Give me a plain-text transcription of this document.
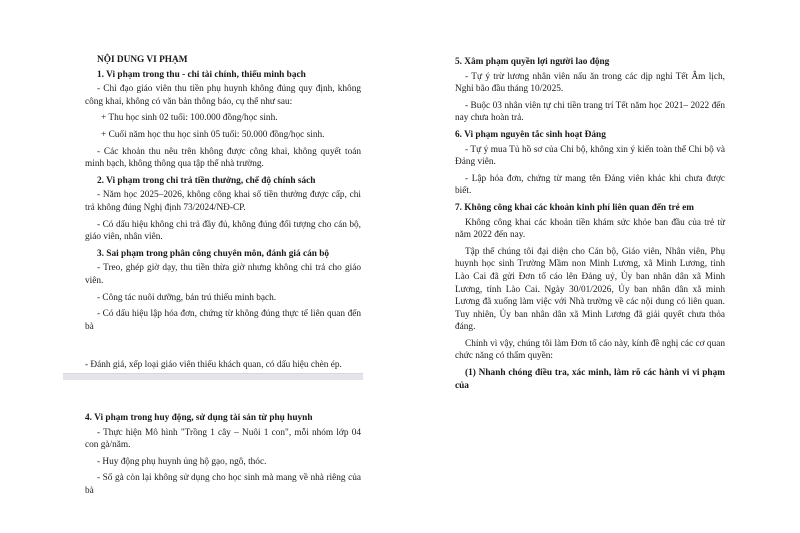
NỘI DUNG VI PHẠM
1. Vi phạm trong thu - chi tài chính, thiếu minh bạch
- Chỉ đạo giáo viên thu tiền phụ huynh không đúng quy định, không công khai, không có văn bản thông báo, cụ thể như sau:
+ Thu học sinh 02 tuổi: 100.000 đồng/học sinh.
+ Cuối năm học thu học sinh 05 tuổi: 50.000 đồng/học sinh.
- Các khoản thu nêu trên không được công khai, không quyết toán minh bạch, không thông qua tập thể nhà trường.
2. Vi phạm trong chi trả tiền thưởng, chế độ chính sách
- Năm học 2025–2026, không công khai số tiền thưởng được cấp, chi trả không đúng Nghị định 73/2024/NĐ-CP.
- Có dấu hiệu không chi trả đầy đủ, không đúng đối tượng cho cán bộ, giáo viên, nhân viên.
3. Sai phạm trong phân công chuyên môn, đánh giá cán bộ
- Treo, ghép giờ dạy, thu tiền thừa giờ nhưng không chi trả cho giáo viên.
- Công tác nuôi dưỡng, bán trú thiếu minh bạch.
- Có dấu hiệu lập hóa đơn, chứng từ không đúng thực tế liên quan đến bà
- Đánh giá, xếp loại giáo viên thiếu khách quan, có dấu hiệu chèn ép.
4. Vi phạm trong huy động, sử dụng tài sản từ phụ huynh
- Thực hiện Mô hình "Trồng 1 cây – Nuôi 1 con", mỗi nhóm lớp 04 con gà/năm.
- Huy động phụ huynh ủng hộ gạo, ngô, thóc.
- Số gà còn lại không sử dụng cho học sinh mà mang về nhà riêng của bà
5. Xâm phạm quyền lợi người lao động
- Tự ý trừ lương nhân viên nấu ăn trong các dịp nghỉ Tết Âm lịch, Nghỉ bão đầu tháng 10/2025.
- Buộc 03 nhân viên tự chi tiền trang trí Tết năm học 2021– 2022 đến nay chưa hoàn trả.
6. Vi phạm nguyên tắc sinh hoạt Đảng
- Tự ý mua Tủ hồ sơ của Chi bộ, không xin ý kiến toàn thể Chi bộ và Đảng viên.
- Lập hóa đơn, chứng từ mang tên Đảng viên khác khi chưa được biết.
7. Không công khai các khoản kinh phí liên quan đến trẻ em
Không công khai các khoản tiền khám sức khỏe ban đầu của trẻ từ năm 2022 đến nay.
Tập thể chúng tôi đại diện cho Cán bộ, Giáo viên, Nhân viên, Phụ huynh học sinh Trường Mầm non Minh Lương, xã Minh Lương, tỉnh Lào Cai đã gửi Đơn tố cáo lên Đảng uỷ, Ủy ban nhân dân xã Minh Lương, tỉnh Lào Cai. Ngày 30/01/2026, Ủy ban nhân dân xã minh Lương đã xuống làm việc với Nhà trường về các nội dung có liên quan. Tuy nhiên, Ủy ban nhân dân xã Minh Lương đã giải quyết chưa thỏa đáng.
Chính vì vậy, chúng tôi làm Đơn tố cáo này, kính đề nghị các cơ quan chức năng có thẩm quyền:
(1) Nhanh chóng điều tra, xác minh, làm rõ các hành vi vi phạm của
